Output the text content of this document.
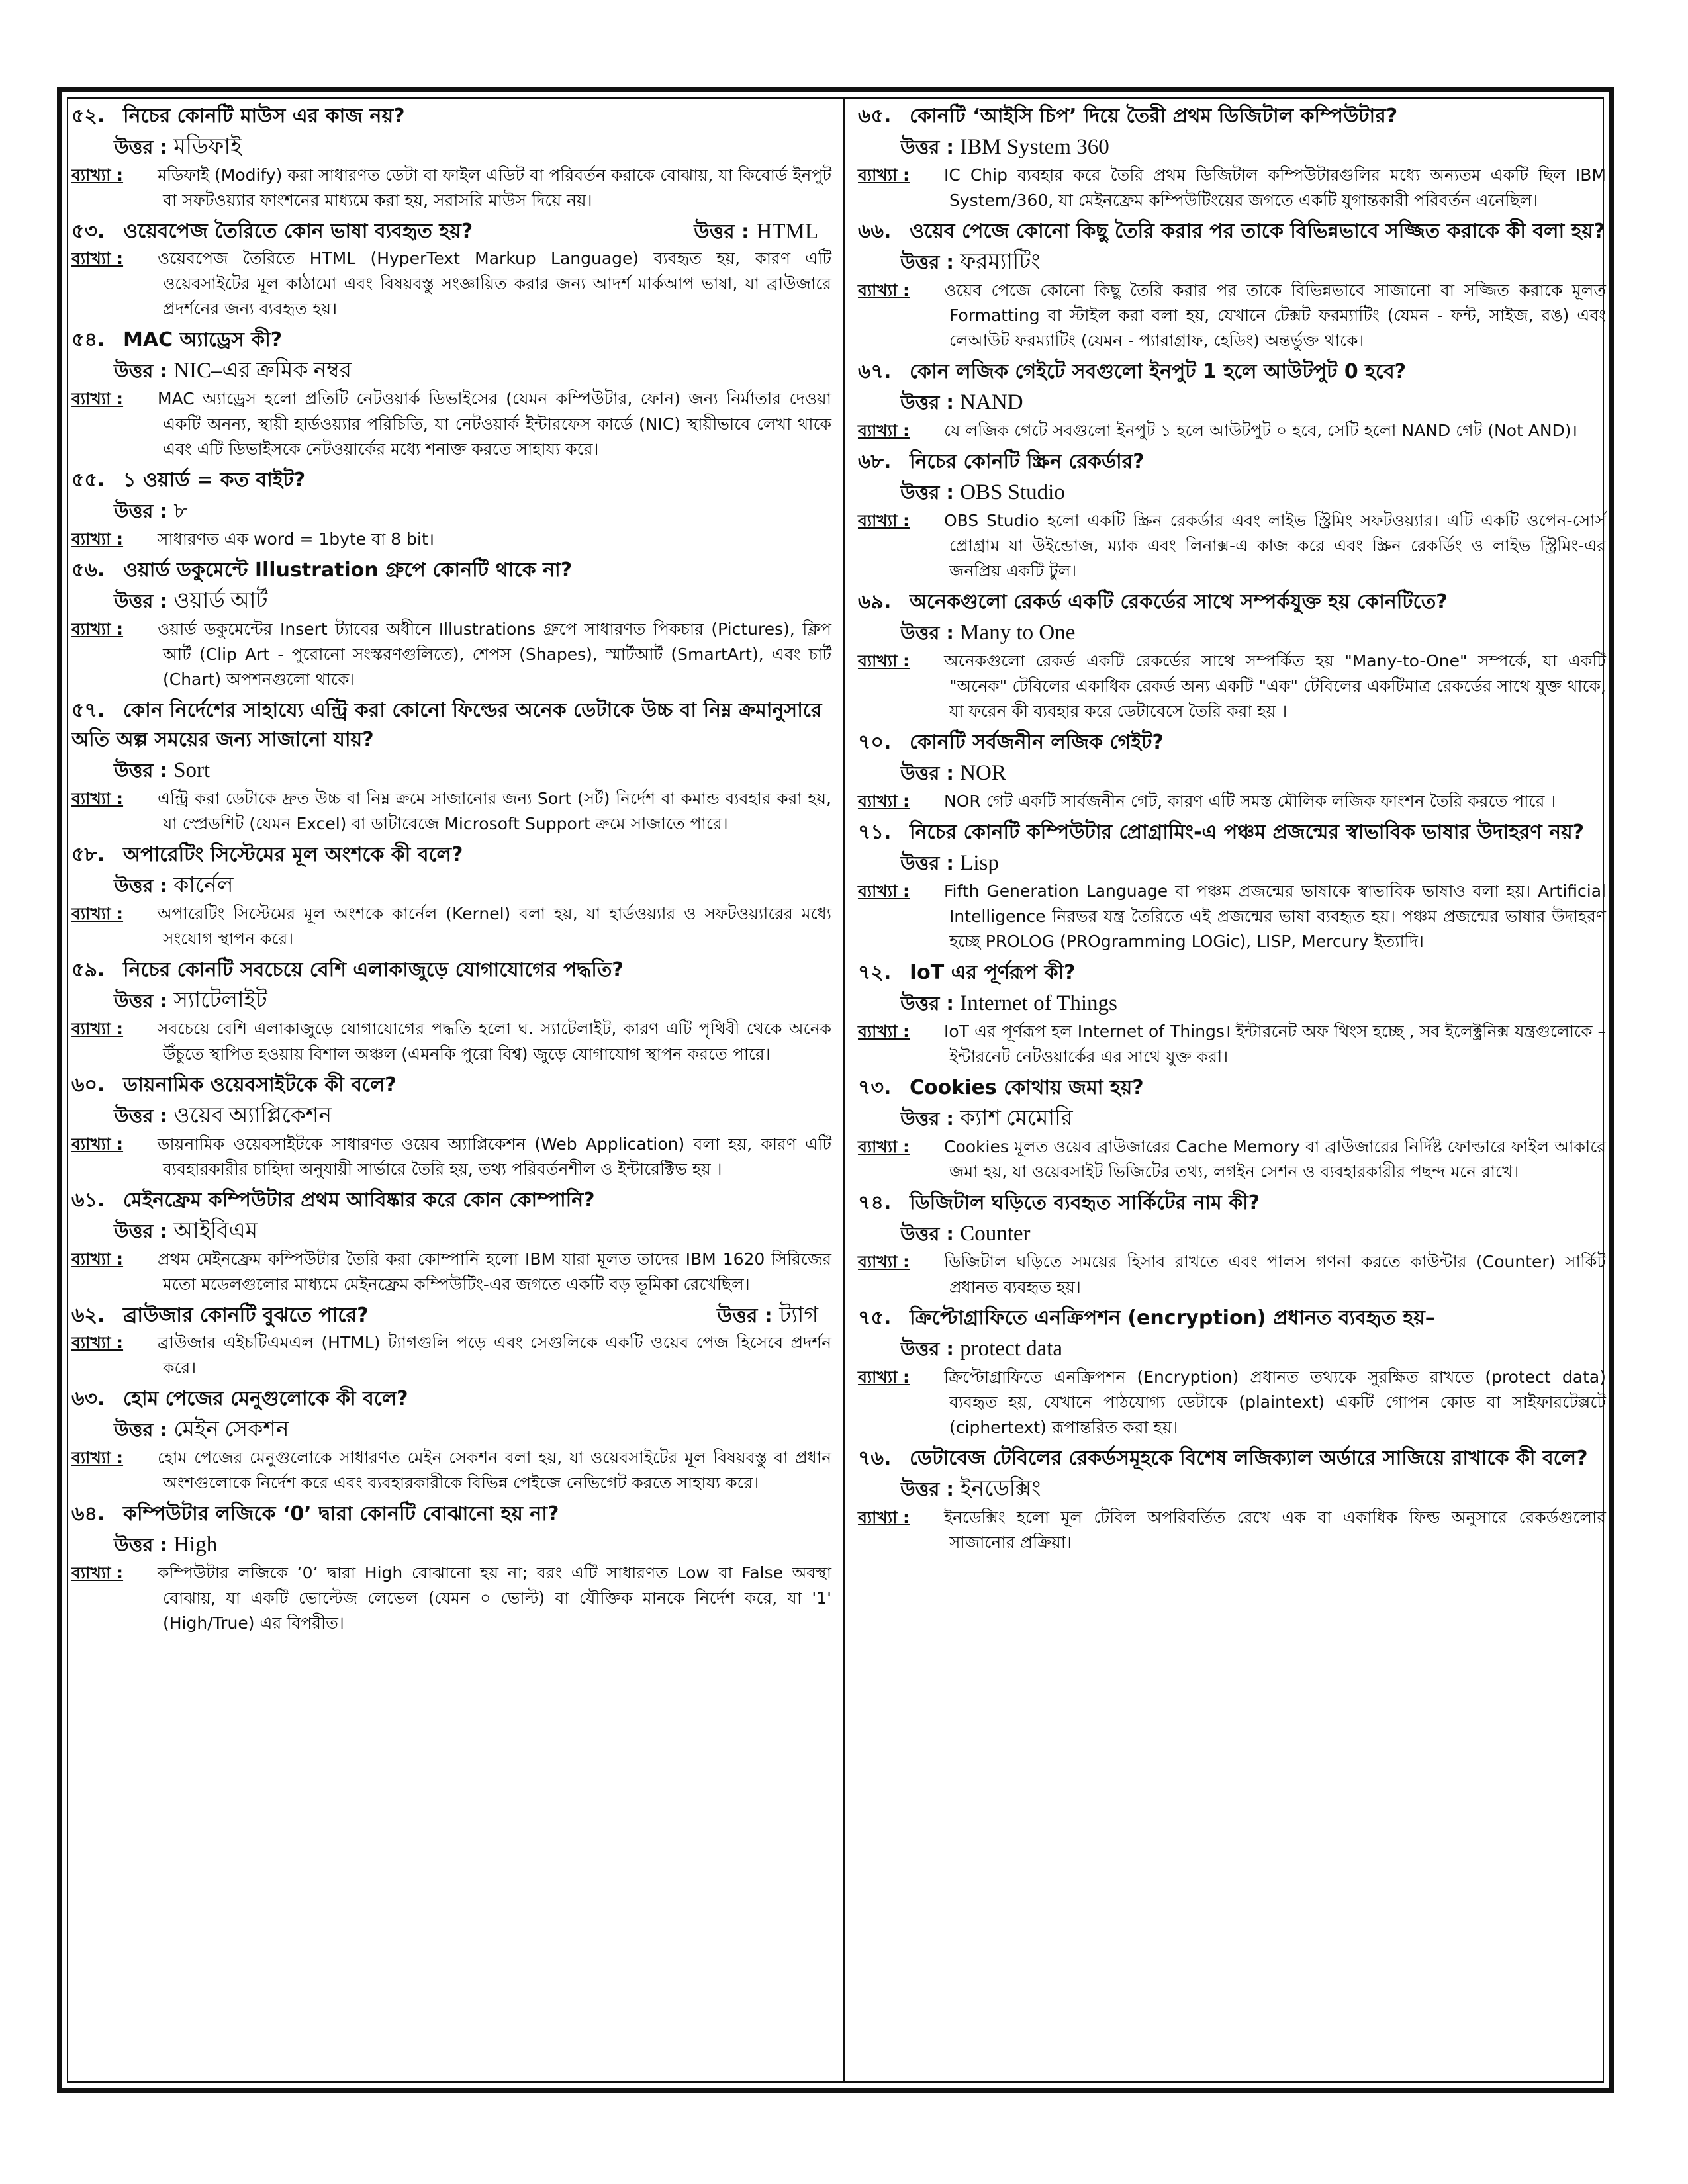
৫২. নিচের কোনটি মাউস এর কাজ নয়?
উত্তর : মডিফাই
ব্যাখ্যা : মডিফাই (Modify) করা সাধারণত ডেটা বা ফাইল এডিট বা পরিবর্তন করাকে বোঝায়, যা কিবোর্ড ইনপুট বা সফটওয়্যার ফাংশনের মাধ্যমে করা হয়, সরাসরি মাউস দিয়ে নয়।
৫৩. ওয়েবপেজ তৈরিতে কোন ভাষা ব্যবহৃত হয়?	উত্তর : HTML
ব্যাখ্যা : ওয়েবপেজ তৈরিতে HTML (HyperText Markup Language) ব্যবহৃত হয়, কারণ এটি ওয়েবসাইটের মূল কাঠামো এবং বিষয়বস্তু সংজ্ঞায়িত করার জন্য আদর্শ মার্কআপ ভাষা, যা ব্রাউজারে প্রদর্শনের জন্য ব্যবহৃত হয়।
৫৪. MAC অ্যাড্রেস কী?
উত্তর : NIC–এর ক্রমিক নম্বর
ব্যাখ্যা : MAC অ্যাড্রেস হলো প্রতিটি নেটওয়ার্ক ডিভাইসের (যেমন কম্পিউটার, ফোন) জন্য নির্মাতার দেওয়া একটি অনন্য, স্থায়ী হার্ডওয়্যার পরিচিতি, যা নেটওয়ার্ক ইন্টারফেস কার্ডে (NIC) স্থায়ীভাবে লেখা থাকে এবং এটি ডিভাইসকে নেটওয়ার্কের মধ্যে শনাক্ত করতে সাহায্য করে।
৫৫. ১ ওয়ার্ড = কত বাইট?
উত্তর : ৮
ব্যাখ্যা : সাধারণত এক word = 1byte বা 8 bit।
৫৬. ওয়ার্ড ডকুমেন্টে Illustration গ্রুপে কোনটি থাকে না?
উত্তর : ওয়ার্ড আর্ট
ব্যাখ্যা : ওয়ার্ড ডকুমেন্টের Insert ট্যাবের অধীনে Illustrations গ্রুপে সাধারণত পিকচার (Pictures), ক্লিপ আর্ট (Clip Art - পুরোনো সংস্করণগুলিতে), শেপস (Shapes), স্মার্টআর্ট (SmartArt), এবং চার্ট (Chart) অপশনগুলো থাকে।
৫৭. কোন নির্দেশের সাহায্যে এন্ট্রি করা কোনো ফিল্ডের অনেক ডেটাকে উচ্চ বা নিম্ন ক্রমানুসারে অতি অল্প সময়ের জন্য সাজানো যায়?
উত্তর : Sort
ব্যাখ্যা : এন্ট্রি করা ডেটাকে দ্রুত উচ্চ বা নিম্ন ক্রমে সাজানোর জন্য Sort (সর্ট) নির্দেশ বা কমান্ড ব্যবহার করা হয়, যা স্প্রেডশিট (যেমন Excel) বা ডাটাবেজে Microsoft Support ক্রমে সাজাতে পারে।
৫৮. অপারেটিং সিস্টেমের মূল অংশকে কী বলে?
উত্তর : কার্নেল
ব্যাখ্যা : অপারেটিং সিস্টেমের মূল অংশকে কার্নেল (Kernel) বলা হয়, যা হার্ডওয়্যার ও সফটওয়্যারের মধ্যে সংযোগ স্থাপন করে।
৫৯. নিচের কোনটি সবচেয়ে বেশি এলাকাজুড়ে যোগাযোগের পদ্ধতি?
উত্তর : স্যাটেলাইট
ব্যাখ্যা : সবচেয়ে বেশি এলাকাজুড়ে যোগাযোগের পদ্ধতি হলো ঘ. স্যাটেলাইট, কারণ এটি পৃথিবী থেকে অনেক উঁচুতে স্থাপিত হওয়ায় বিশাল অঞ্চল (এমনকি পুরো বিশ্ব) জুড়ে যোগাযোগ স্থাপন করতে পারে।
৬০. ডায়নামিক ওয়েবসাইটকে কী বলে?
উত্তর : ওয়েব অ্যাপ্লিকেশন
ব্যাখ্যা : ডায়নামিক ওয়েবসাইটকে সাধারণত ওয়েব অ্যাপ্লিকেশন (Web Application) বলা হয়, কারণ এটি ব্যবহারকারীর চাহিদা অনুযায়ী সার্ভারে তৈরি হয়, তথ্য পরিবর্তনশীল ও ইন্টারেক্টিভ হয় ।
৬১. মেইনফ্রেম কম্পিউটার প্রথম আবিষ্কার করে কোন কোম্পানি?
উত্তর : আইবিএম
ব্যাখ্যা : প্রথম মেইনফ্রেম কম্পিউটার তৈরি করা কোম্পানি হলো IBM যারা মূলত তাদের IBM 1620 সিরিজের মতো মডেলগুলোর মাধ্যমে মেইনফ্রেম কম্পিউটিং-এর জগতে একটি বড় ভূমিকা রেখেছিল।
৬২. ব্রাউজার কোনটি বুঝতে পারে?	উত্তর : ট্যাগ
ব্যাখ্যা : ব্রাউজার এইচটিএমএল (HTML) ট্যাগগুলি পড়ে এবং সেগুলিকে একটি ওয়েব পেজ হিসেবে প্রদর্শন করে।
৬৩. হোম পেজের মেনুগুলোকে কী বলে?
উত্তর : মেইন সেকশন
ব্যাখ্যা : হোম পেজের মেনুগুলোকে সাধারণত মেইন সেকশন বলা হয়, যা ওয়েবসাইটের মূল বিষয়বস্তু বা প্রধান অংশগুলোকে নির্দেশ করে এবং ব্যবহারকারীকে বিভিন্ন পেইজে নেভিগেট করতে সাহায্য করে।
৬৪. কম্পিউটার লজিকে ‘0’ দ্বারা কোনটি বোঝানো হয় না?
উত্তর : High
ব্যাখ্যা : কম্পিউটার লজিকে ‘0’ দ্বারা High বোঝানো হয় না; বরং এটি সাধারণত Low বা False অবস্থা বোঝায়, যা একটি ভোল্টেজ লেভেল (যেমন ০ ভোল্ট) বা যৌক্তিক মানকে নির্দেশ করে, যা '1' (High/True) এর বিপরীত।
৬৫. কোনটি ‘আইসি চিপ’ দিয়ে তৈরী প্রথম ডিজিটাল কম্পিউটার?
উত্তর : IBM System 360
ব্যাখ্যা : IC Chip ব্যবহার করে তৈরি প্রথম ডিজিটাল কম্পিউটারগুলির মধ্যে অন্যতম একটি ছিল IBM System/360, যা মেইনফ্রেম কম্পিউটিংয়ের জগতে একটি যুগান্তকারী পরিবর্তন এনেছিল।
৬৬. ওয়েব পেজে কোনো কিছু তৈরি করার পর তাকে বিভিন্নভাবে সজ্জিত করাকে কী বলা হয়?
উত্তর : ফরম্যাটিং
ব্যাখ্যা : ওয়েব পেজে কোনো কিছু তৈরি করার পর তাকে বিভিন্নভাবে সাজানো বা সজ্জিত করাকে মূলত Formatting বা স্টাইল করা বলা হয়, যেখানে টেক্সট ফরম্যাটিং (যেমন - ফন্ট, সাইজ, রঙ) এবং লেআউট ফরম্যাটিং (যেমন - প্যারাগ্রাফ, হেডিং) অন্তর্ভুক্ত থাকে।
৬৭. কোন লজিক গেইটে সবগুলো ইনপুট 1 হলে আউটপুট 0 হবে?
উত্তর : NAND
ব্যাখ্যা : যে লজিক গেটে সবগুলো ইনপুট ১ হলে আউটপুট ০ হবে, সেটি হলো NAND গেট (Not AND)।
৬৮. নিচের কোনটি স্ক্রিন রেকর্ডার?
উত্তর : OBS Studio
ব্যাখ্যা : OBS Studio হলো একটি স্ক্রিন রেকর্ডার এবং লাইভ স্ট্রিমিং সফটওয়্যার। এটি একটি ওপেন-সোর্স প্রোগ্রাম যা উইন্ডোজ, ম্যাক এবং লিনাক্স-এ কাজ করে এবং স্ক্রিন রেকর্ডিং ও লাইভ স্ট্রিমিং-এর জনপ্রিয় একটি টুল।
৬৯. অনেকগুলো রেকর্ড একটি রেকর্ডের সাথে সম্পর্কযুক্ত হয় কোনটিতে?
উত্তর : Many to One
ব্যাখ্যা : অনেকগুলো রেকর্ড একটি রেকর্ডের সাথে সম্পর্কিত হয় "Many-to-One" সম্পর্কে, যা একটি "অনেক" টেবিলের একাধিক রেকর্ড অন্য একটি "এক" টেবিলের একটিমাত্র রেকর্ডের সাথে যুক্ত থাকে, যা ফরেন কী ব্যবহার করে ডেটাবেসে তৈরি করা হয় ।
৭০. কোনটি সর্বজনীন লজিক গেইট?
উত্তর : NOR
ব্যাখ্যা : NOR গেট একটি সার্বজনীন গেট, কারণ এটি সমস্ত মৌলিক লজিক ফাংশন তৈরি করতে পারে ।
৭১. নিচের কোনটি কম্পিউটার প্রোগ্রামিং-এ পঞ্চম প্রজন্মের স্বাভাবিক ভাষার উদাহরণ নয়?
উত্তর : Lisp
ব্যাখ্যা : Fifth Generation Language বা পঞ্চম প্রজন্মের ভাষাকে স্বাভাবিক ভাষাও বলা হয়। Artificial Intelligence নিরভর যন্ত্র তৈরিতে এই প্রজন্মের ভাষা ব্যবহৃত হয়। পঞ্চম প্রজন্মের ভাষার উদাহরণ হচ্ছে PROLOG (PROgramming LOGic), LISP, Mercury ইত্যাদি।
৭২. IoT এর পূর্ণরূপ কী?
উত্তর : Internet of Things
ব্যাখ্যা : IoT এর পূর্ণরূপ হল Internet of Things। ইন্টারনেট অফ থিংস হচ্ছে , সব ইলেক্ট্রনিক্স যন্ত্রগুলোকে – ইন্টারনেট নেটওয়ার্কের এর সাথে যুক্ত করা।
৭৩. Cookies কোথায় জমা হয়?
উত্তর : ক্যাশ মেমোরি
ব্যাখ্যা : Cookies মূলত ওয়েব ব্রাউজারের Cache Memory বা ব্রাউজারের নির্দিষ্ট ফোল্ডারে ফাইল আকারে জমা হয়, যা ওয়েবসাইট ভিজিটের তথ্য, লগইন সেশন ও ব্যবহারকারীর পছন্দ মনে রাখে।
৭৪. ডিজিটাল ঘড়িতে ব্যবহৃত সার্কিটের নাম কী?
উত্তর : Counter
ব্যাখ্যা : ডিজিটাল ঘড়িতে সময়ের হিসাব রাখতে এবং পালস গণনা করতে কাউন্টার (Counter) সার্কিট প্রধানত ব্যবহৃত হয়।
৭৫. ক্রিপ্টোগ্রাফিতে এনক্রিপশন (encryption) প্রধানত ব্যবহৃত হয়–
উত্তর : protect data
ব্যাখ্যা : ক্রিপ্টোগ্রাফিতে এনক্রিপশন (Encryption) প্রধানত তথ্যকে সুরক্ষিত রাখতে (protect data) ব্যবহৃত হয়, যেখানে পাঠযোগ্য ডেটাকে (plaintext) একটি গোপন কোড বা সাইফারটেক্সটে (ciphertext) রূপান্তরিত করা হয়।
৭৬. ডেটাবেজ টেবিলের রেকর্ডসমূহকে বিশেষ লজিক্যাল অর্ডারে সাজিয়ে রাখাকে কী বলে?
উত্তর : ইনডেক্সিং
ব্যাখ্যা : ইনডেক্সিং হলো মূল টেবিল অপরিবর্তিত রেখে এক বা একাধিক ফিল্ড অনুসারে রেকর্ডগুলোর সাজানোর প্রক্রিয়া।
